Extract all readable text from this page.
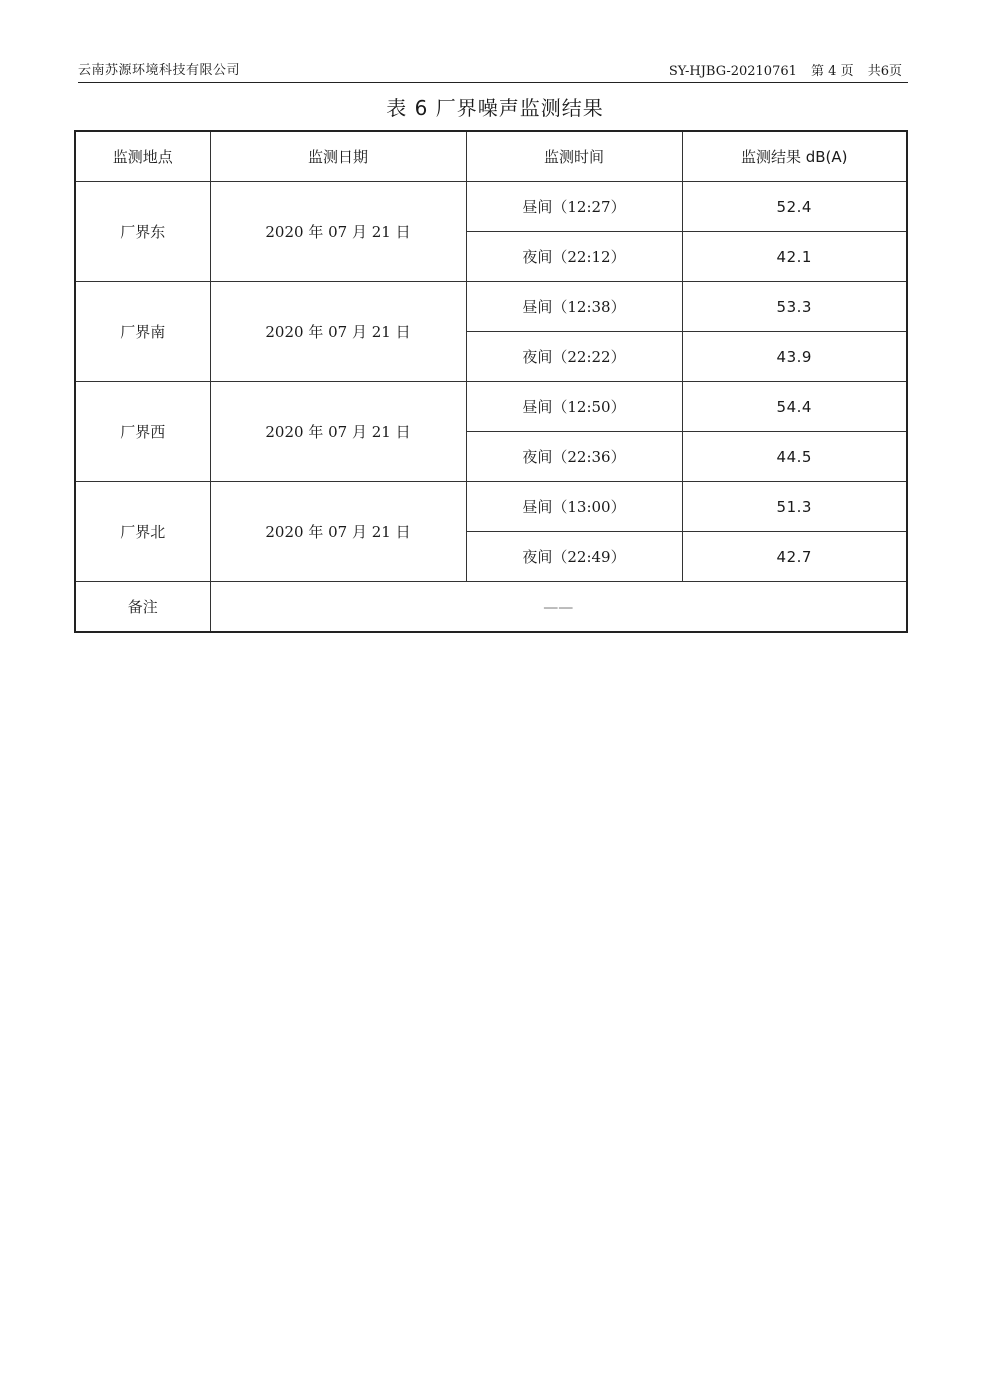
云南苏源环境科技有限公司	SY-HJBG-20210761 第 4 页 共6页
表 6 厂界噪声监测结果
监测地点	监测日期	监测时间	监测结果 dB(A)
厂界东	2020 年 07 月 21 日	昼间（12:27）	52.4
		夜间（22:12）	42.1
厂界南	2020 年 07 月 21 日	昼间（12:38）	53.3
		夜间（22:22）	43.9
厂界西	2020 年 07 月 21 日	昼间（12:50）	54.4
		夜间（22:36）	44.5
厂界北	2020 年 07 月 21 日	昼间（13:00）	51.3
		夜间（22:49）	42.7
备注	——		
